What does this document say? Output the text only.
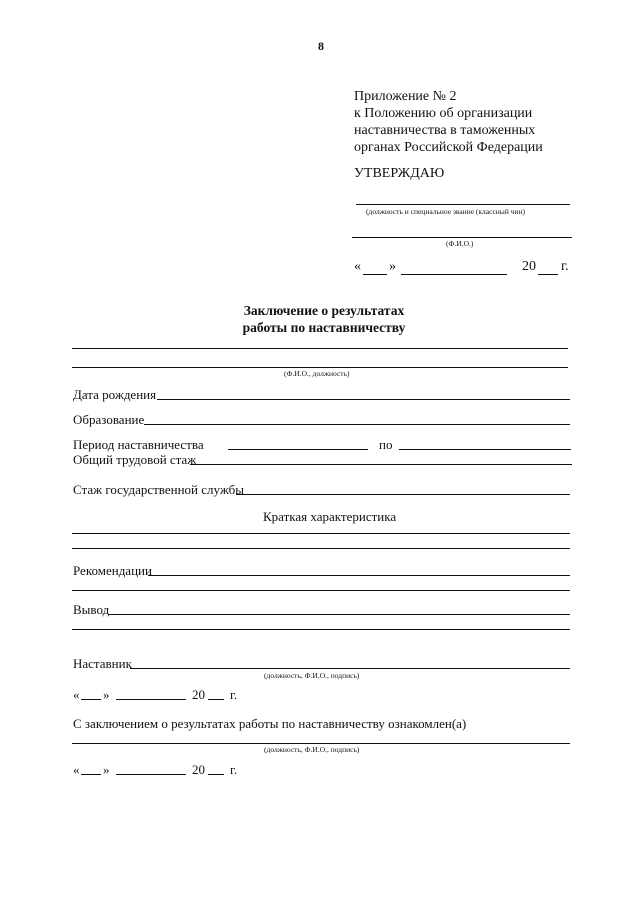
8
Приложение № 2
к Положению об организации
наставничества в таможенных
органах Российской Федерации
УТВЕРЖДАЮ
(должность и специальное звание (классный чин)
(Ф.И.О.)
« »	20 г.
Заключение о результатах
работы по наставничеству
(Ф.И.О., должность)
Дата рождения
Образование
Период наставничества	по
Общий трудовой стаж
Стаж государственной службы
Краткая характеристика
Рекомендации
Вывод
Наставник
(должность, Ф.И.О., подпись)
« »	20 г.
С заключением о результатах работы по наставничеству ознакомлен(а)
(должность, Ф.И.О., подпись)
« »	20 г.
